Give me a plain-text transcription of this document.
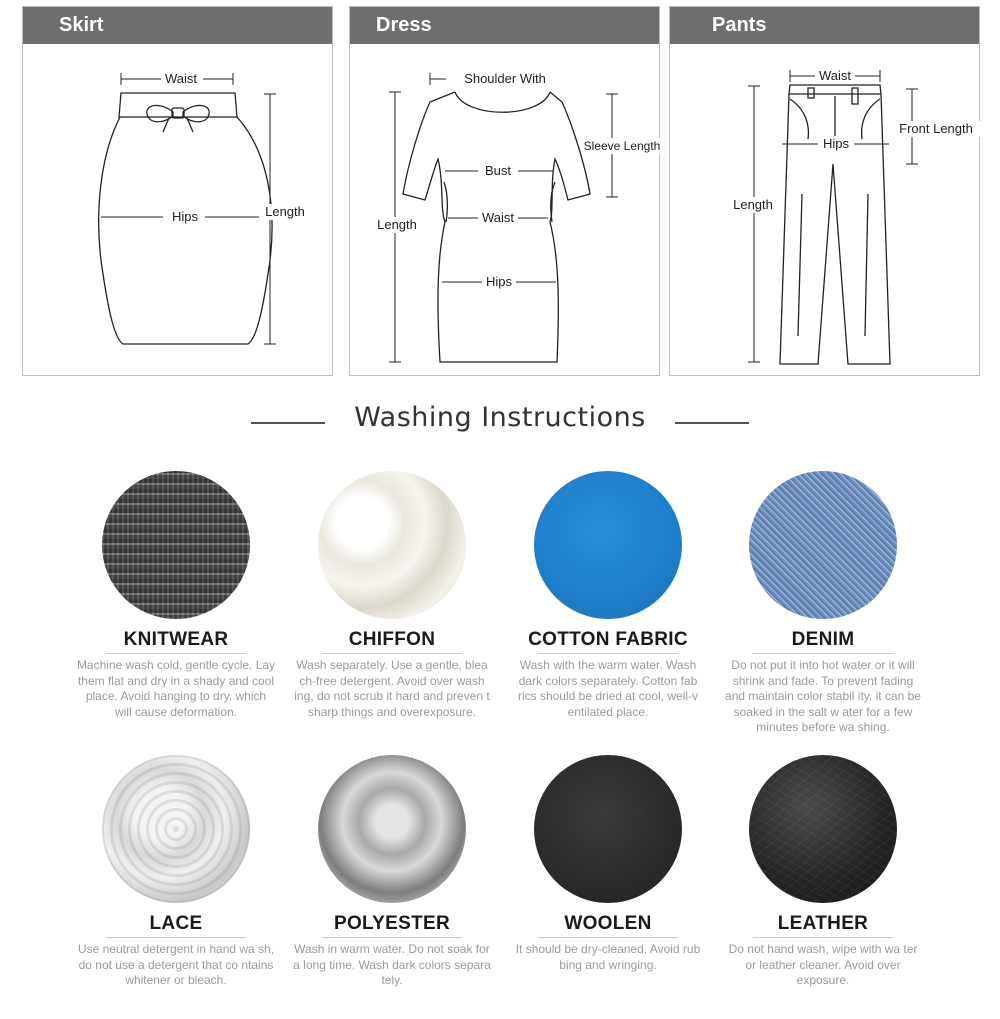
Skirt
Waist
Hips	Length
Dress
Shoulder With
Bust
Waist
Hips
Length
Sleeve Length
Pants
Waist
Hips
Length
Front Length
Washing Instructions
KNITWEAR
Machine wash cold, gentle cycle. Lay them flat and dry in a shady and cool place. Avoid hanging to dry, which will cause deformation.
CHIFFON
Wash separately. Use a gentle, blea ch-free detergent. Avoid over wash ing, do not scrub it hard and preven t sharp things and overexposure.
COTTON FABRIC
Wash with the warm water. Wash dark colors separately. Cotton fab rics should be dried at cool, well-v entilated place.
DENIM
Do not put it into hot water or it will shrink and fade. To prevent fading and maintain color stabil ity, it can be soaked in the salt w ater for a few minutes before wa shing.
LACE
Use neutral detergent in hand wa sh, do not use a detergent that co ntains whitener or bleach.
POLYESTER
Wash in warm water. Do not soak for a long time. Wash dark colors separa tely.
WOOLEN
It should be dry-cleaned. Avoid rub bing and wringing.
LEATHER
Do not hand wash, wipe with wa ter or leather cleaner. Avoid over exposure.
